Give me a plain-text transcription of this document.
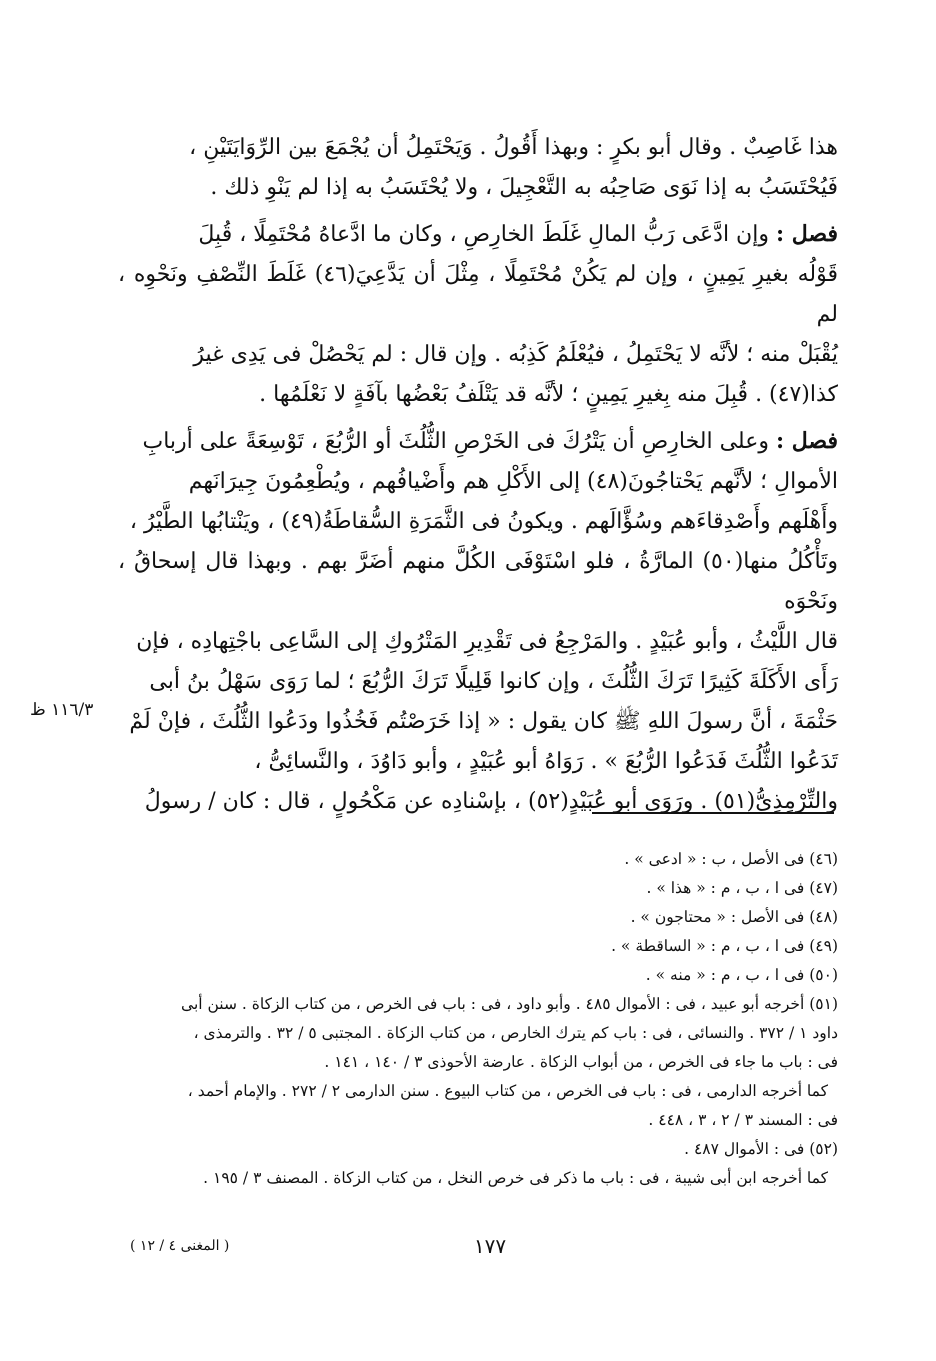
هذا غَاصِبٌ . وقال أبو بكرٍ : وبهذا أَقُولُ . وَيَحْتَمِلُ أن يُجْمَعَ بين الرِّوَايَتَيْنِ ،
فَيُحْتَسَبُ به إذا نَوَى صَاحِبُه به التَّعْجِيلَ ، ولا يُحْتَسَبُ به إذا لم يَنْوِ ذلك .

فصل : وإن ادَّعَى رَبُّ المالِ غَلَطَ الخارِصِ ، وكان ما ادَّعاهُ مُحْتَمِلًا ، قُبِلَ
قَوْلُه بغيرِ يَمِينٍ ، وإن لم يَكُنْ مُحْتَمِلًا ، مِثْلَ أن يَدَّعِيَ(٤٦) غَلَطَ النِّصْفِ ونَحْوِه ، لم
يُقْبَلْ منه ؛ لأنَّه لا يَحْتَمِلُ ، فيُعْلَمُ كَذِبُه . وإن قال : لم يَحْصُلْ فى يَدِى غيرُ
كذا(٤٧) . قُبِلَ منه بِغيرِ يَمِينٍ ؛ لأنَّه قد يَتْلَفُ بَعْضُها بآفَةٍ لا نَعْلَمُها .

فصل : وعلى الخارِصِ أن يَتْرُكَ فى الخَرْصِ الثُّلُثَ أو الرُّبُعَ ، تَوْسِعَةً على أربابِ
الأموالِ ؛ لأنَّهم يَحْتاجُونَ(٤٨) إلى الأَكْلِ هم وأَضْيافُهم ، ويُطْعِمُونَ جِيرَانَهم
وأَهْلَهم وأَصْدِقاءَهم وسُؤَّالَهم . ويكونُ فى الثَّمَرَةِ السُّقاطَةُ(٤٩) ، ويَنْتابُها الطَّيْرُ ،
وتَأْكُلُ منها(٥٠) المارَّةُ ، فلو اسْتَوْفَى الكُلَّ منهم أضَرَّ بهم . وبهذا قال إسحاقُ ، ونَحْوَه
قال اللَّيْثُ ، وأبو عُبَيْدٍ . والمَرْجِعُ فى تَقْدِيرِ المَتْرُوكِ إلى السَّاعِى باجْتِهادِه ، فإن
رَأَى الأَكَلَةَ كَثِيرًا تَرَكَ الثُّلُثَ ، وإن كانوا قَلِيلًا تَرَكَ الرُّبُعَ ؛ لما رَوَى سَهْلُ بنُ أبى
حَثْمَةَ ، أنَّ رسولَ اللهِ ﷺ كان يقول : « إذا خَرَصْتُم فَخُذُوا ودَعُوا الثُّلُثَ ، فإنْ لَمْ
تَدَعُوا الثُّلُثَ فَدَعُوا الرُّبُعَ » . رَوَاهُ أبو عُبَيْدٍ ، وأبو دَاوُدَ ، والنَّسائِىُّ ،
والتِّرْمِذِىُّ(٥١) . ورَوَى أبو عُبَيْدٍ(٥٢) ، بإسْنادِه عن مَكْحُولٍ ، قال : كان / رسولُ

١١٦/٣ ظ
(٤٦) فى الأصل ، ب : « ادعى » .
(٤٧) فى ا ، ب ، م : « هذا » .
(٤٨) فى الأصل : « محتاجون » .
(٤٩) فى ا ، ب ، م : « الساقطة » .
(٥٠) فى ا ، ب ، م : « منه » .
(٥١) أخرجه أبو عبيد ، فى : الأموال ٤٨٥ . وأبو داود ، فى : باب فى الخرص ، من كتاب الزكاة . سنن أبى
داود ١ / ٣٧٢ . والنسائى ، فى : باب كم يترك الخارص ، من كتاب الزكاة . المجتبى ٥ / ٣٢ . والترمذى ،
فى : باب ما جاء فى الخرص ، من أبواب الزكاة . عارضة الأحوذى ٣ / ١٤٠ ، ١٤١ .
كما أخرجه الدارمى ، فى : باب فى الخرص ، من كتاب البيوع . سنن الدارمى ٢ / ٢٧٢ . والإمام أحمد ،
فى : المسند ٣ / ٢ ، ٣ ، ٤٤٨ .
(٥٢) فى : الأموال ٤٨٧ .
كما أخرجه ابن أبى شيبة ، فى : باب ما ذكر فى خرص النخل ، من كتاب الزكاة . المصنف ٣ / ١٩٥ .
١٧٧
( المغنى ٤ / ١٢ )
